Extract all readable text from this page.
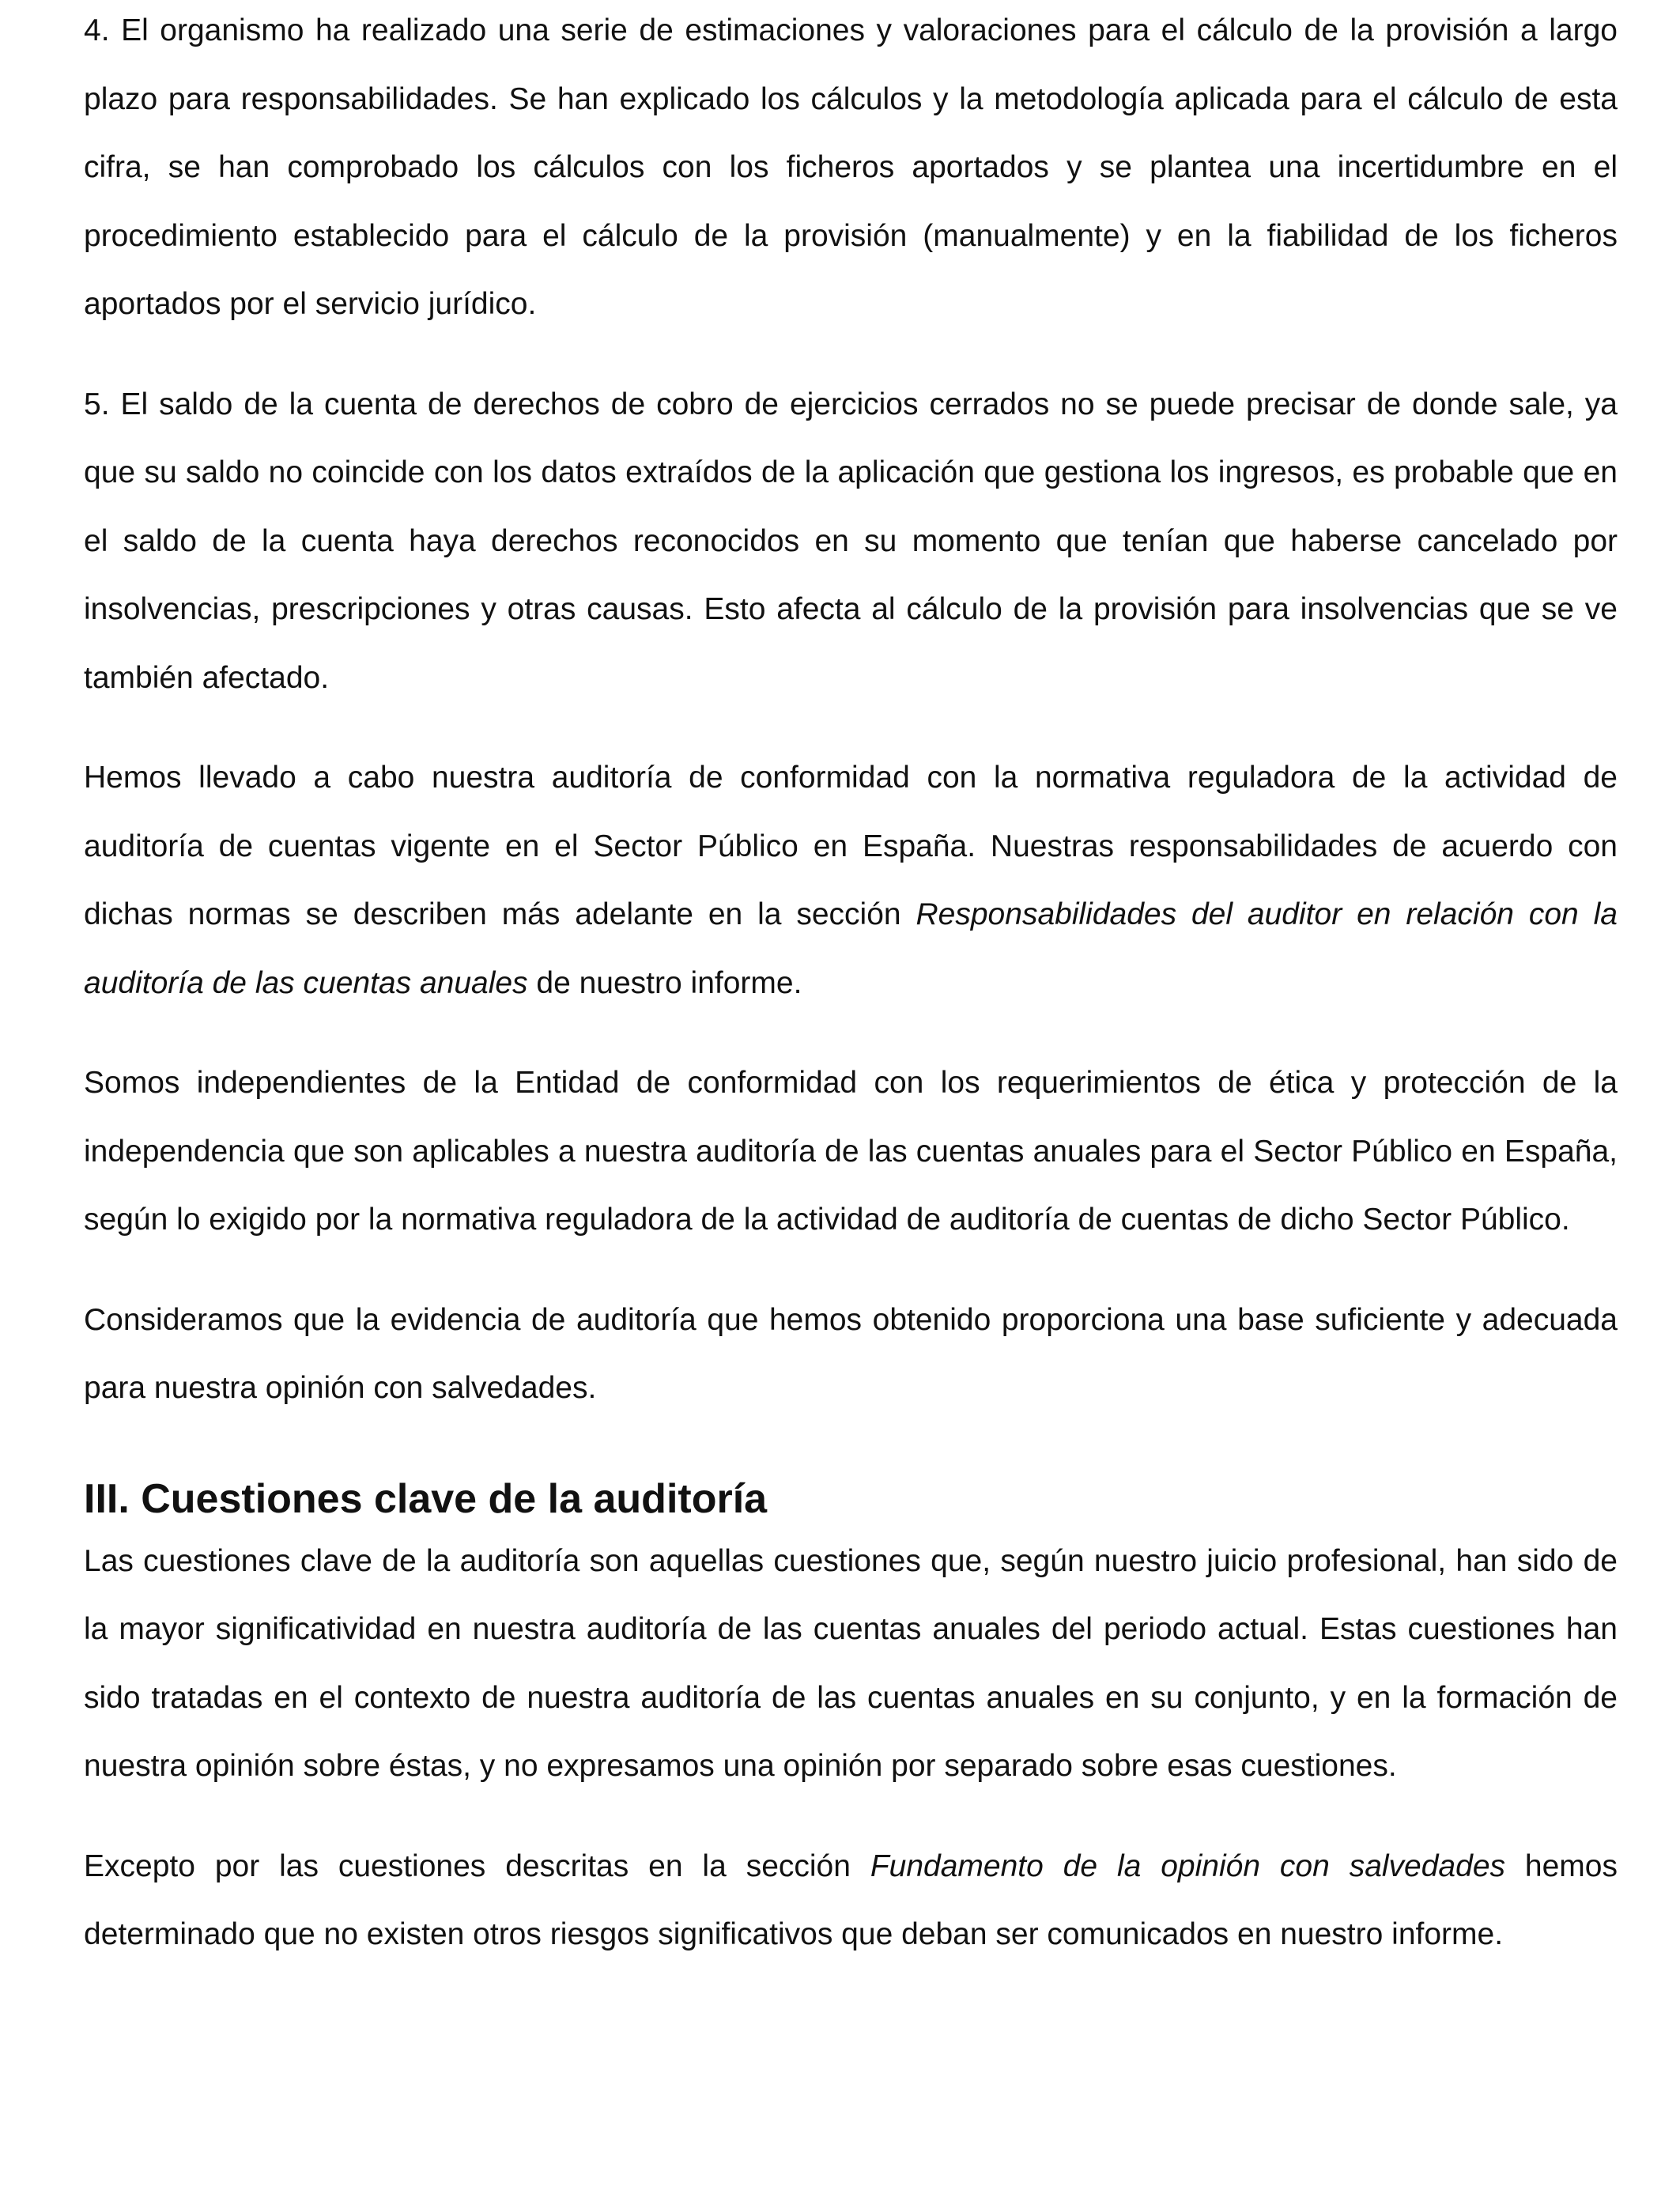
4. El organismo ha realizado una serie de estimaciones y valoraciones para el cálculo de la provisión a largo plazo para responsabilidades. Se han explicado los cálculos y la metodología aplicada para el cálculo de esta cifra, se han comprobado los cálculos con los ficheros aportados y se plantea una incertidumbre en el procedimiento establecido para el cálculo de la provisión (manualmente) y en la fiabilidad de los ficheros aportados por el servicio jurídico.

5. El saldo de la cuenta de derechos de cobro de ejercicios cerrados no se puede precisar de donde sale, ya que su saldo no coincide con los datos extraídos de la aplicación que gestiona los ingresos, es probable que en el saldo de la cuenta haya derechos reconocidos en su momento que tenían que haberse cancelado por insolvencias, prescripciones y otras causas. Esto afecta al cálculo de la provisión para insolvencias que se ve también afectado.

Hemos llevado a cabo nuestra auditoría de conformidad con la normativa reguladora de la actividad de auditoría de cuentas vigente en el Sector Público en España. Nuestras responsabilidades de acuerdo con dichas normas se describen más adelante en la sección Responsabilidades del auditor en relación con la auditoría de las cuentas anuales de nuestro informe.

Somos independientes de la Entidad de conformidad con los requerimientos de ética y protección de la independencia que son aplicables a nuestra auditoría de las cuentas anuales para el Sector Público en España, según lo exigido por la normativa reguladora de la actividad de auditoría de cuentas de dicho Sector Público.

Consideramos que la evidencia de auditoría que hemos obtenido proporciona una base suficiente y adecuada para nuestra opinión con salvedades.

III. Cuestiones clave de la auditoría

Las cuestiones clave de la auditoría son aquellas cuestiones que, según nuestro juicio profesional, han sido de la mayor significatividad en nuestra auditoría de las cuentas anuales del periodo actual. Estas cuestiones han sido tratadas en el contexto de nuestra auditoría de las cuentas anuales en su conjunto, y en la formación de nuestra opinión sobre éstas, y no expresamos una opinión por separado sobre esas cuestiones.

Excepto por las cuestiones descritas en la sección Fundamento de la opinión con salvedades hemos determinado que no existen otros riesgos significativos que deban ser comunicados en nuestro informe.
